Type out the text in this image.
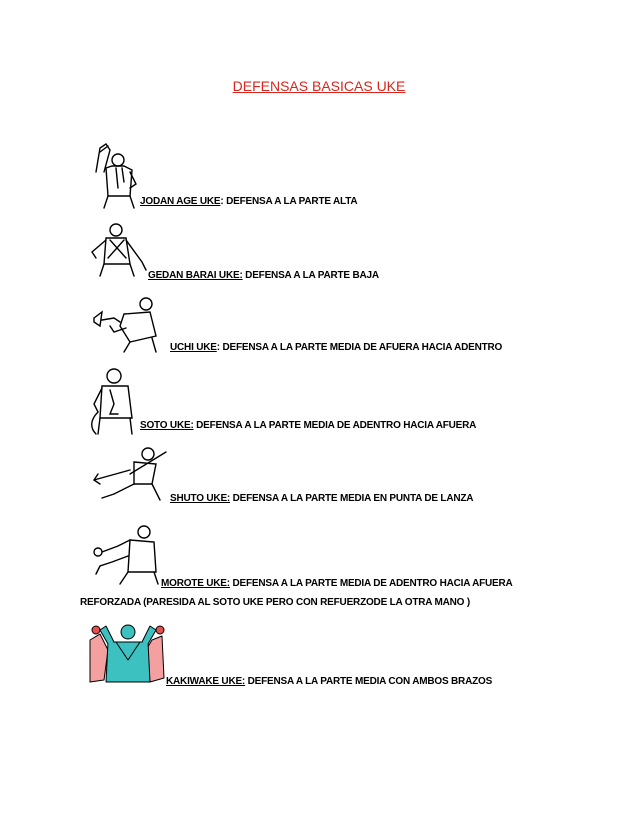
DEFENSAS BASICAS UKE
JODAN AGE UKE: DEFENSA A LA PARTE ALTA
GEDAN BARAI UKE: DEFENSA A LA PARTE BAJA
UCHI UKE: DEFENSA A LA PARTE MEDIA DE AFUERA HACIA ADENTRO
SOTO UKE: DEFENSA A LA PARTE MEDIA DE ADENTRO HACIA AFUERA
SHUTO UKE: DEFENSA A LA PARTE MEDIA EN PUNTA DE LANZA
MOROTE UKE: DEFENSA A LA PARTE MEDIA DE ADENTRO HACIA AFUERA
REFORZADA (PARESIDA AL SOTO UKE PERO CON REFUERZODE LA OTRA MANO )
KAKIWAKE UKE: DEFENSA A LA PARTE MEDIA CON AMBOS BRAZOS
